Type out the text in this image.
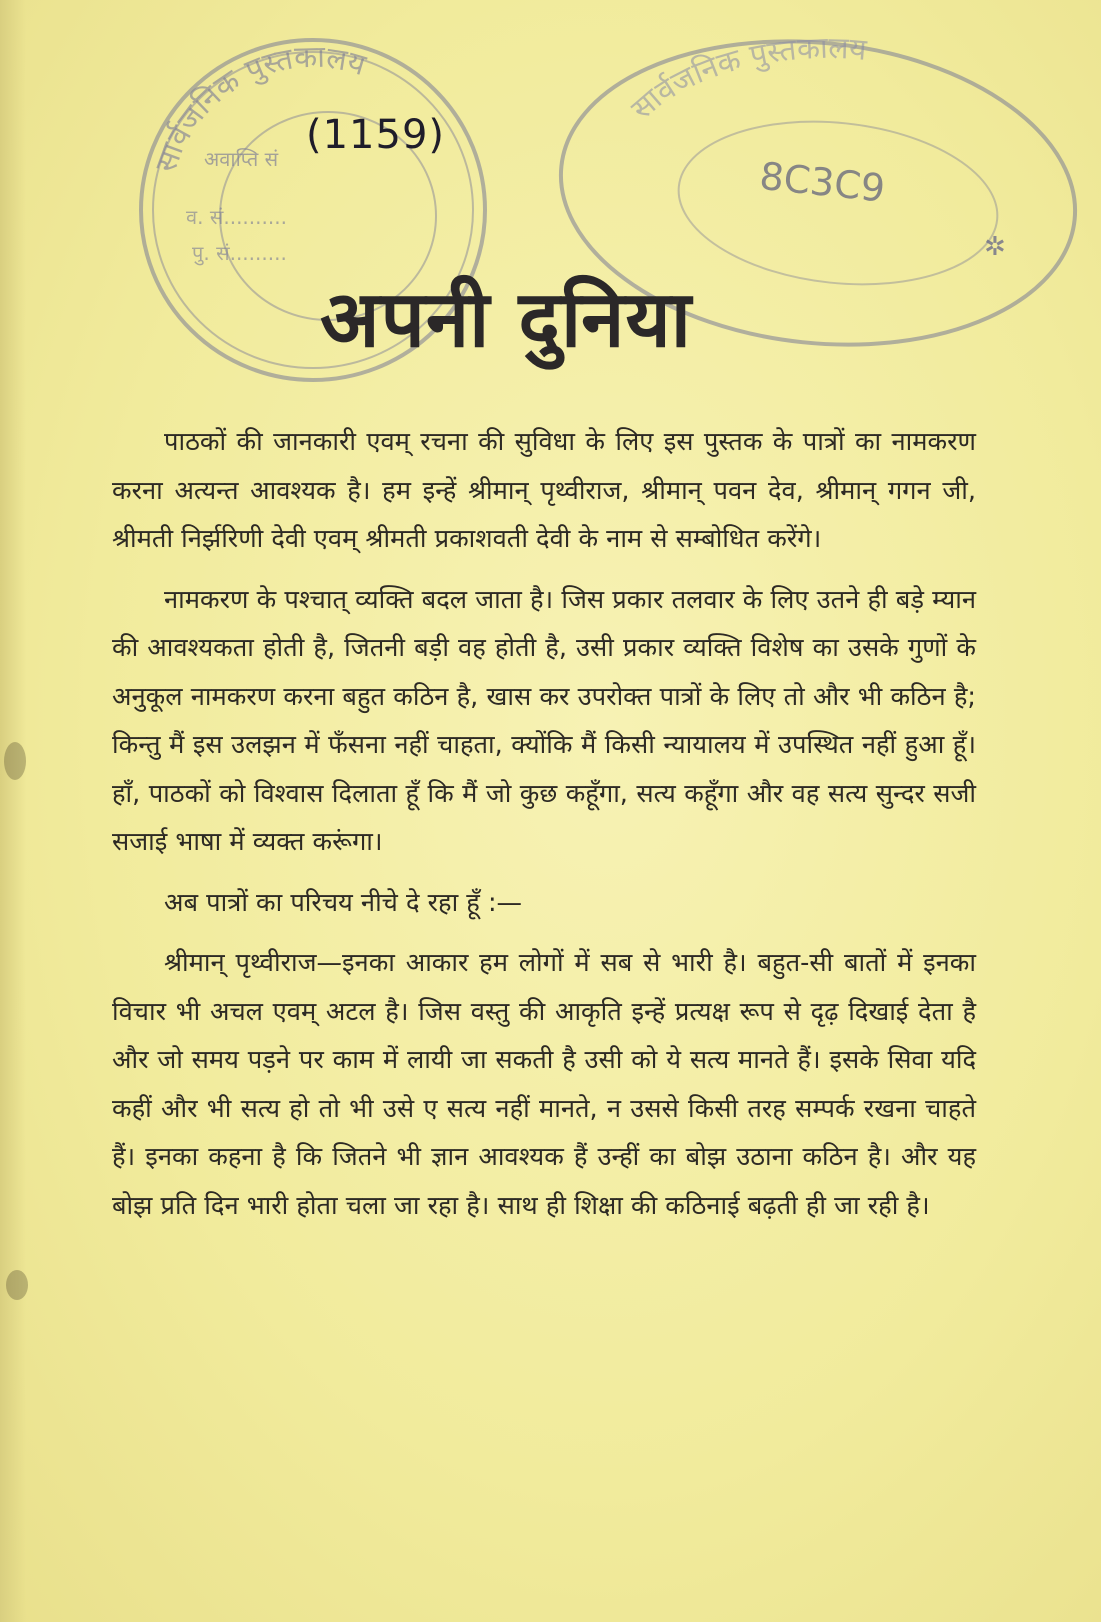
सार्वजनिक पुस्तकालय
अवाप्ति सं
व. सं..........
पु. सं.........
(1159)
सार्वजनिक पुस्तकालय
8C3C9
✲
अपनी दुनिया

पाठकों की जानकारी एवम् रचना की सुविधा के लिए इस पुस्तक के पात्रों का नामकरण करना अत्यन्त आवश्यक है। हम इन्हें श्रीमान् पृथ्वीराज, श्रीमान् पवन देव, श्रीमान् गगन जी, श्रीमती निर्झरिणी देवी एवम् श्रीमती प्रकाशवती देवी के नाम से सम्बोधित करेंगे।

नामकरण के पश्चात् व्यक्ति बदल जाता है। जिस प्रकार तलवार के लिए उतने ही बड़े म्यान की आवश्यकता होती है, जितनी बड़ी वह होती है, उसी प्रकार व्यक्ति विशेष का उसके गुणों के अनुकूल नामकरण करना बहुत कठिन है, खास कर उपरोक्त पात्रों के लिए तो और भी कठिन है; किन्तु मैं इस उलझन में फँसना नहीं चाहता, क्योंकि मैं किसी न्यायालय में उपस्थित नहीं हुआ हूँ। हाँ, पाठकों को विश्वास दिलाता हूँ कि मैं जो कुछ कहूँगा, सत्य कहूँगा और वह सत्य सुन्दर सजी सजाई भाषा में व्यक्त करूंगा।

अब पात्रों का परिचय नीचे दे रहा हूँ :—

श्रीमान् पृथ्वीराज—इनका आकार हम लोगों में सब से भारी है। बहुत-सी बातों में इनका विचार भी अचल एवम् अटल है। जिस वस्तु की आकृति इन्हें प्रत्यक्ष रूप से दृढ़ दिखाई देता है और जो समय पड़ने पर काम में लायी जा सकती है उसी को ये सत्य मानते हैं। इसके सिवा यदि कहीं और भी सत्य हो तो भी उसे ए सत्य नहीं मानते, न उससे किसी तरह सम्पर्क रखना चाहते हैं। इनका कहना है कि जितने भी ज्ञान आवश्यक हैं उन्हीं का बोझ उठाना कठिन है। और यह बोझ प्रति दिन भारी होता चला जा रहा है। साथ ही शिक्षा की कठिनाई बढ़ती ही जा रही है।
